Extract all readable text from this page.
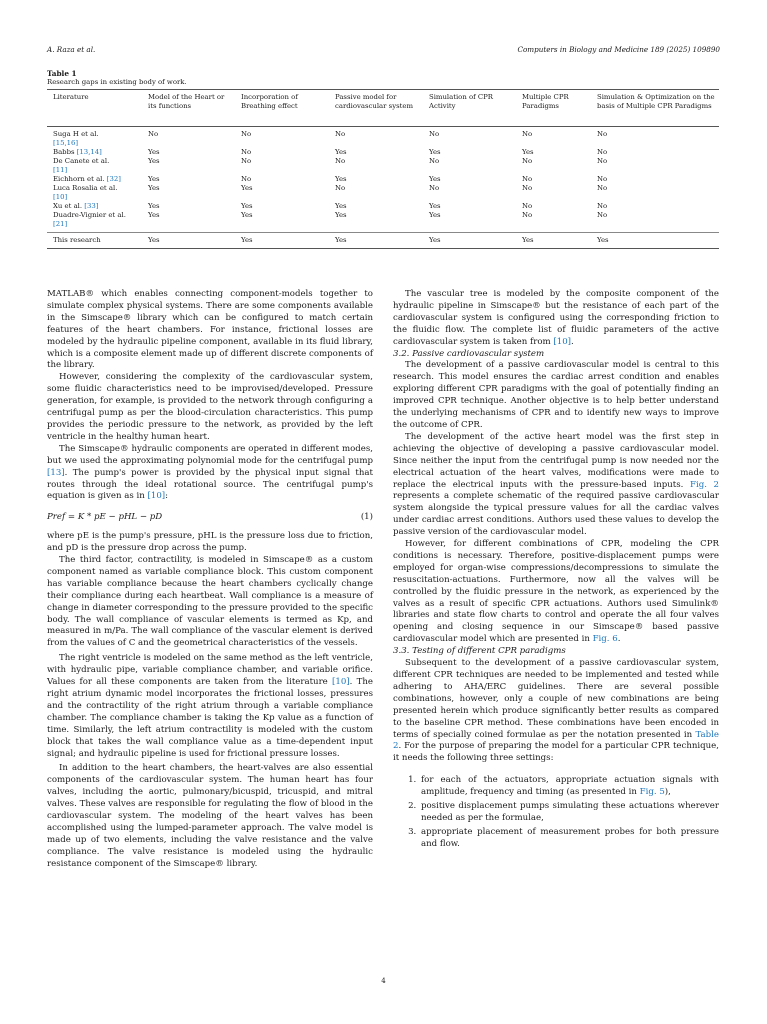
A. Raza et al.	Computers in Biology and Medicine 189 (2025) 109890
Table 1
Research gaps in existing body of work.
Literature	Model of the Heart or its functions	Incorporation of Breathing effect	Passive model for cardiovascular system	Simulation of CPR Activity	Multiple CPR Paradigms	Simulation & Optimization on the basis of Multiple CPR Paradigms
Suga H et al.
[15,16]	No	No	No	No	No	No
Babbs [13,14]	Yes	No	Yes	Yes	Yes	No
De Canete et al.
[11]	Yes	No	No	No	No	No
Eichhorn et al. [32]	Yes	No	Yes	Yes	No	No
Luca Rosalia et al.
[10]	Yes	Yes	No	No	No	No
Xu et al. [33]	Yes	Yes	Yes	Yes	No	No
Duadre-Vignier et al. [21]	Yes	Yes	Yes	Yes	No	No
This research	Yes	Yes	Yes	Yes	Yes	Yes

MATLAB® which enables connecting component-models together to simulate complex physical systems. There are some components available in the Simscape® library which can be configured to match certain features of the heart chambers. For instance, frictional losses are modeled by the hydraulic pipeline component, available in its fluid library, which is a composite element made up of different discrete components of the library.

However, considering the complexity of the cardiovascular system, some fluidic characteristics need to be improvised/developed. Pressure generation, for example, is provided to the network through configuring a centrifugal pump as per the blood-circulation characteristics. This pump provides the periodic pressure to the network, as provided by the left ventricle in the healthy human heart.

The Simscape® hydraulic components are operated in different modes, but we used the approximating polynomial mode for the centrifugal pump [13]. The pump's power is provided by the physical input signal that routes through the ideal rotational source. The centrifugal pump's equation is given as in [10]:

Pref = K * pE − pHL − pD	(1)

where pE is the pump's pressure, pHL is the pressure loss due to friction, and pD is the pressure drop across the pump.

The third factor, contractility, is modeled in Simscape® as a custom component named as variable compliance block. This custom component has variable compliance because the heart chambers cyclically change their compliance during each heartbeat. Wall compliance is a measure of change in diameter corresponding to the pressure provided to the specific body. The wall compliance of vascular elements is termed as Kp, and measured in m/Pa. The wall compliance of the vascular element is derived from the values of C and the geometrical characteristics of the vessels.

The right ventricle is modeled on the same method as the left ventricle, with hydraulic pipe, variable compliance chamber, and variable orifice. Values for all these components are taken from the literature [10]. The right atrium dynamic model incorporates the frictional losses, pressures and the contractility of the right atrium through a variable compliance chamber. The compliance chamber is taking the Kp value as a function of time. Similarly, the left atrium contractility is modeled with the custom block that takes the wall compliance value as a time-dependent input signal; and hydraulic pipeline is used for frictional pressure losses.

In addition to the heart chambers, the heart-valves are also essential components of the cardiovascular system. The human heart has four valves, including the aortic, pulmonary/bicuspid, tricuspid, and mitral valves. These valves are responsible for regulating the flow of blood in the cardiovascular system. The modeling of the heart valves has been accomplished using the lumped-parameter approach. The valve model is made up of two elements, including the valve resistance and the valve compliance. The valve resistance is modeled using the hydraulic resistance component of the Simscape® library.

The vascular tree is modeled by the composite component of the hydraulic pipeline in Simscape® but the resistance of each part of the cardiovascular system is configured using the corresponding friction to the fluidic flow. The complete list of fluidic parameters of the active cardiovascular system is taken from [10].

3.2. Passive cardiovascular system

The development of a passive cardiovascular model is central to this research. This model ensures the cardiac arrest condition and enables exploring different CPR paradigms with the goal of potentially finding an improved CPR technique. Another objective is to help better understand the underlying mechanisms of CPR and to identify new ways to improve the outcome of CPR.

The development of the active heart model was the first step in achieving the objective of developing a passive cardiovascular model. Since neither the input from the centrifugal pump is now needed nor the electrical actuation of the heart valves, modifications were made to replace the electrical inputs with the pressure-based inputs. Fig. 2 represents a complete schematic of the required passive cardiovascular system alongside the typical pressure values for all the cardiac valves under cardiac arrest conditions. Authors used these values to develop the passive version of the cardiovascular model.

However, for different combinations of CPR, modeling the CPR conditions is necessary. Therefore, positive-displacement pumps were employed for organ-wise compressions/decompressions to simulate the resuscitation-actuations. Furthermore, now all the valves will be controlled by the fluidic pressure in the network, as experienced by the valves as a result of specific CPR actuations. Authors used Simulink® libraries and state flow charts to control and operate the all four valves opening and closing sequence in our Simscape® based passive cardiovascular model which are presented in Fig. 6.

3.3. Testing of different CPR paradigms

Subsequent to the development of a passive cardiovascular system, different CPR techniques are needed to be implemented and tested while adhering to AHA/ERC guidelines. There are several possible combinations, however, only a couple of new combinations are being presented herein which produce significantly better results as compared to the baseline CPR method. These combinations have been encoded in terms of specially coined formulae as per the notation presented in Table 2. For the purpose of preparing the model for a particular CPR technique, it needs the following three settings:

1. for each of the actuators, appropriate actuation signals with amplitude, frequency and timing (as presented in Fig. 5),
2. positive displacement pumps simulating these actuations wherever needed as per the formulae,
3. appropriate placement of measurement probes for both pressure and flow.
4
